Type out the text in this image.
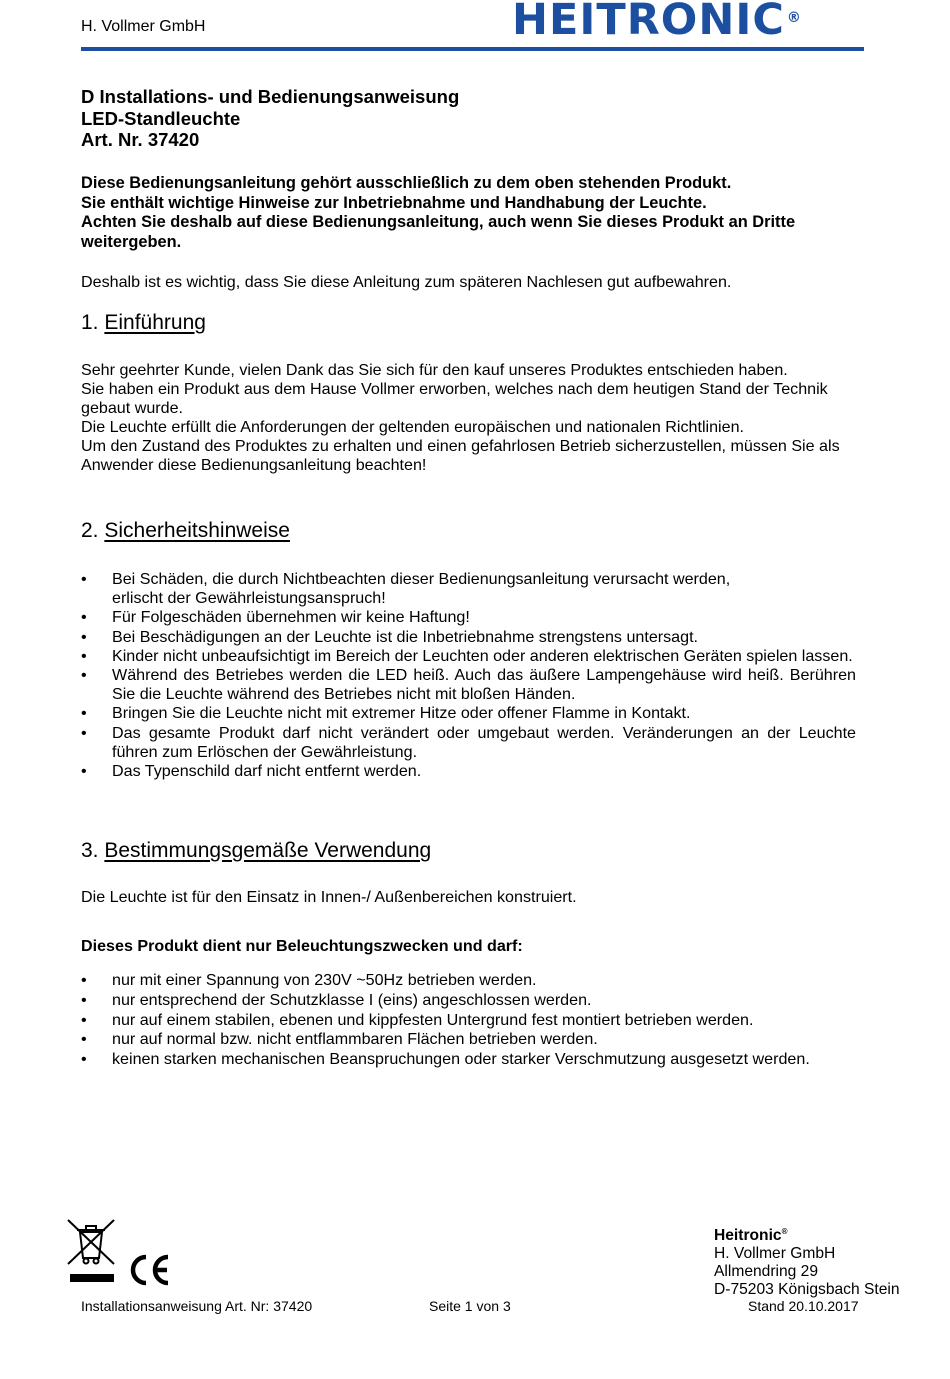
H. Vollmer GmbH	HEITRONIC ®
D Installations- und Bedienungsanweisung
LED-Standleuchte
Art. Nr. 37420
Diese Bedienungsanleitung gehört ausschließlich zu dem oben stehenden Produkt.
Sie enthält wichtige Hinweise zur Inbetriebnahme und Handhabung der Leuchte.
Achten Sie deshalb auf diese Bedienungsanleitung, auch wenn Sie dieses Produkt an Dritte weitergeben.
Deshalb ist es wichtig, dass Sie diese Anleitung zum späteren Nachlesen gut aufbewahren.
1. Einführung
Sehr geehrter Kunde, vielen Dank das Sie sich für den kauf unseres Produktes entschieden haben.
Sie haben ein Produkt aus dem Hause Vollmer erworben, welches nach dem heutigen Stand der Technik gebaut wurde.
Die Leuchte erfüllt die Anforderungen der geltenden europäischen und nationalen Richtlinien.
Um den Zustand des Produktes zu erhalten und einen gefahrlosen Betrieb sicherzustellen, müssen Sie als Anwender diese Bedienungsanleitung beachten!
2. Sicherheitshinweise
• Bei Schäden, die durch Nichtbeachten dieser Bedienungsanleitung verursacht werden,
erlischt der Gewährleistungsanspruch!
• Für Folgeschäden übernehmen wir keine Haftung!
• Bei Beschädigungen an der Leuchte ist die Inbetriebnahme strengstens untersagt.
• Kinder nicht unbeaufsichtigt im Bereich der Leuchten oder anderen elektrischen Geräten spielen lassen.
• Während des Betriebes werden die LED heiß. Auch das äußere Lampengehäuse wird heiß. Berühren Sie die Leuchte während des Betriebes nicht mit bloßen Händen.
• Bringen Sie die Leuchte nicht mit extremer Hitze oder offener Flamme in Kontakt.
• Das gesamte Produkt darf nicht verändert oder umgebaut werden. Veränderungen an der Leuchte führen zum Erlöschen der Gewährleistung.
• Das Typenschild darf nicht entfernt werden.
3. Bestimmungsgemäße Verwendung
Die Leuchte ist für den Einsatz in Innen-/ Außenbereichen konstruiert.
Dieses Produkt dient nur Beleuchtungszwecken und darf:
• nur mit einer Spannung von 230V ~50Hz betrieben werden.
• nur entsprechend der Schutzklasse I (eins) angeschlossen werden.
• nur auf einem stabilen, ebenen und kippfesten Untergrund fest montiert betrieben werden.
• nur auf normal bzw. nicht entflammbaren Flächen betrieben werden.
• keinen starken mechanischen Beanspruchungen oder starker Verschmutzung ausgesetzt werden.
Heitronic®
H. Vollmer GmbH
Allmendring 29
D-75203 Königsbach Stein
Installationsanweisung Art. Nr: 37420	Seite 1 von 3	Stand 20.10.2017
